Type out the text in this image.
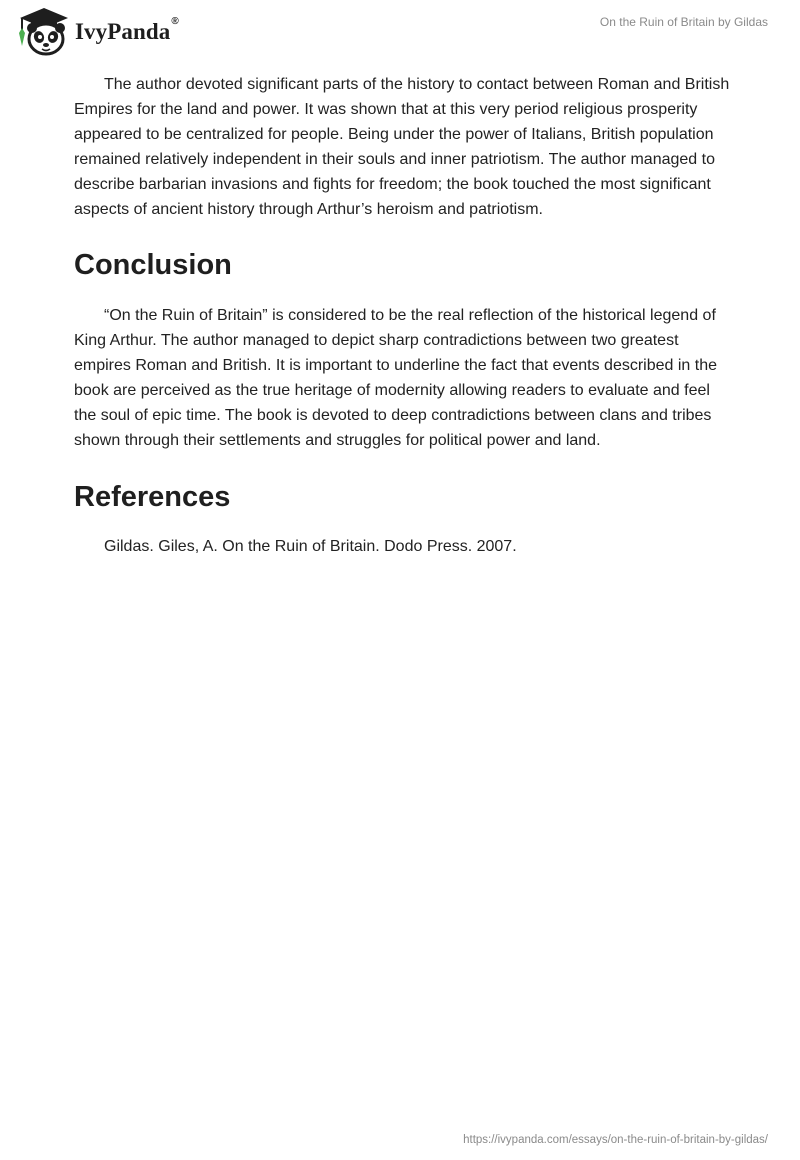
IvyPanda ®	On the Ruin of Britain by Gildas

The author devoted significant parts of the history to contact between Roman and British Empires for the land and power. It was shown that at this very period religious prosperity appeared to be centralized for people. Being under the power of Italians, British population remained relatively independent in their souls and inner patriotism. The author managed to describe barbarian invasions and fights for freedom; the book touched the most significant aspects of ancient history through Arthur’s heroism and patriotism.

Conclusion

“On the Ruin of Britain” is considered to be the real reflection of the historical legend of King Arthur. The author managed to depict sharp contradictions between two greatest empires Roman and British. It is important to underline the fact that events described in the book are perceived as the true heritage of modernity allowing readers to evaluate and feel the soul of epic time. The book is devoted to deep contradictions between clans and tribes shown through their settlements and struggles for political power and land.

References

Gildas. Giles, A. On the Ruin of Britain. Dodo Press. 2007.

https://ivypanda.com/essays/on-the-ruin-of-britain-by-gildas/
